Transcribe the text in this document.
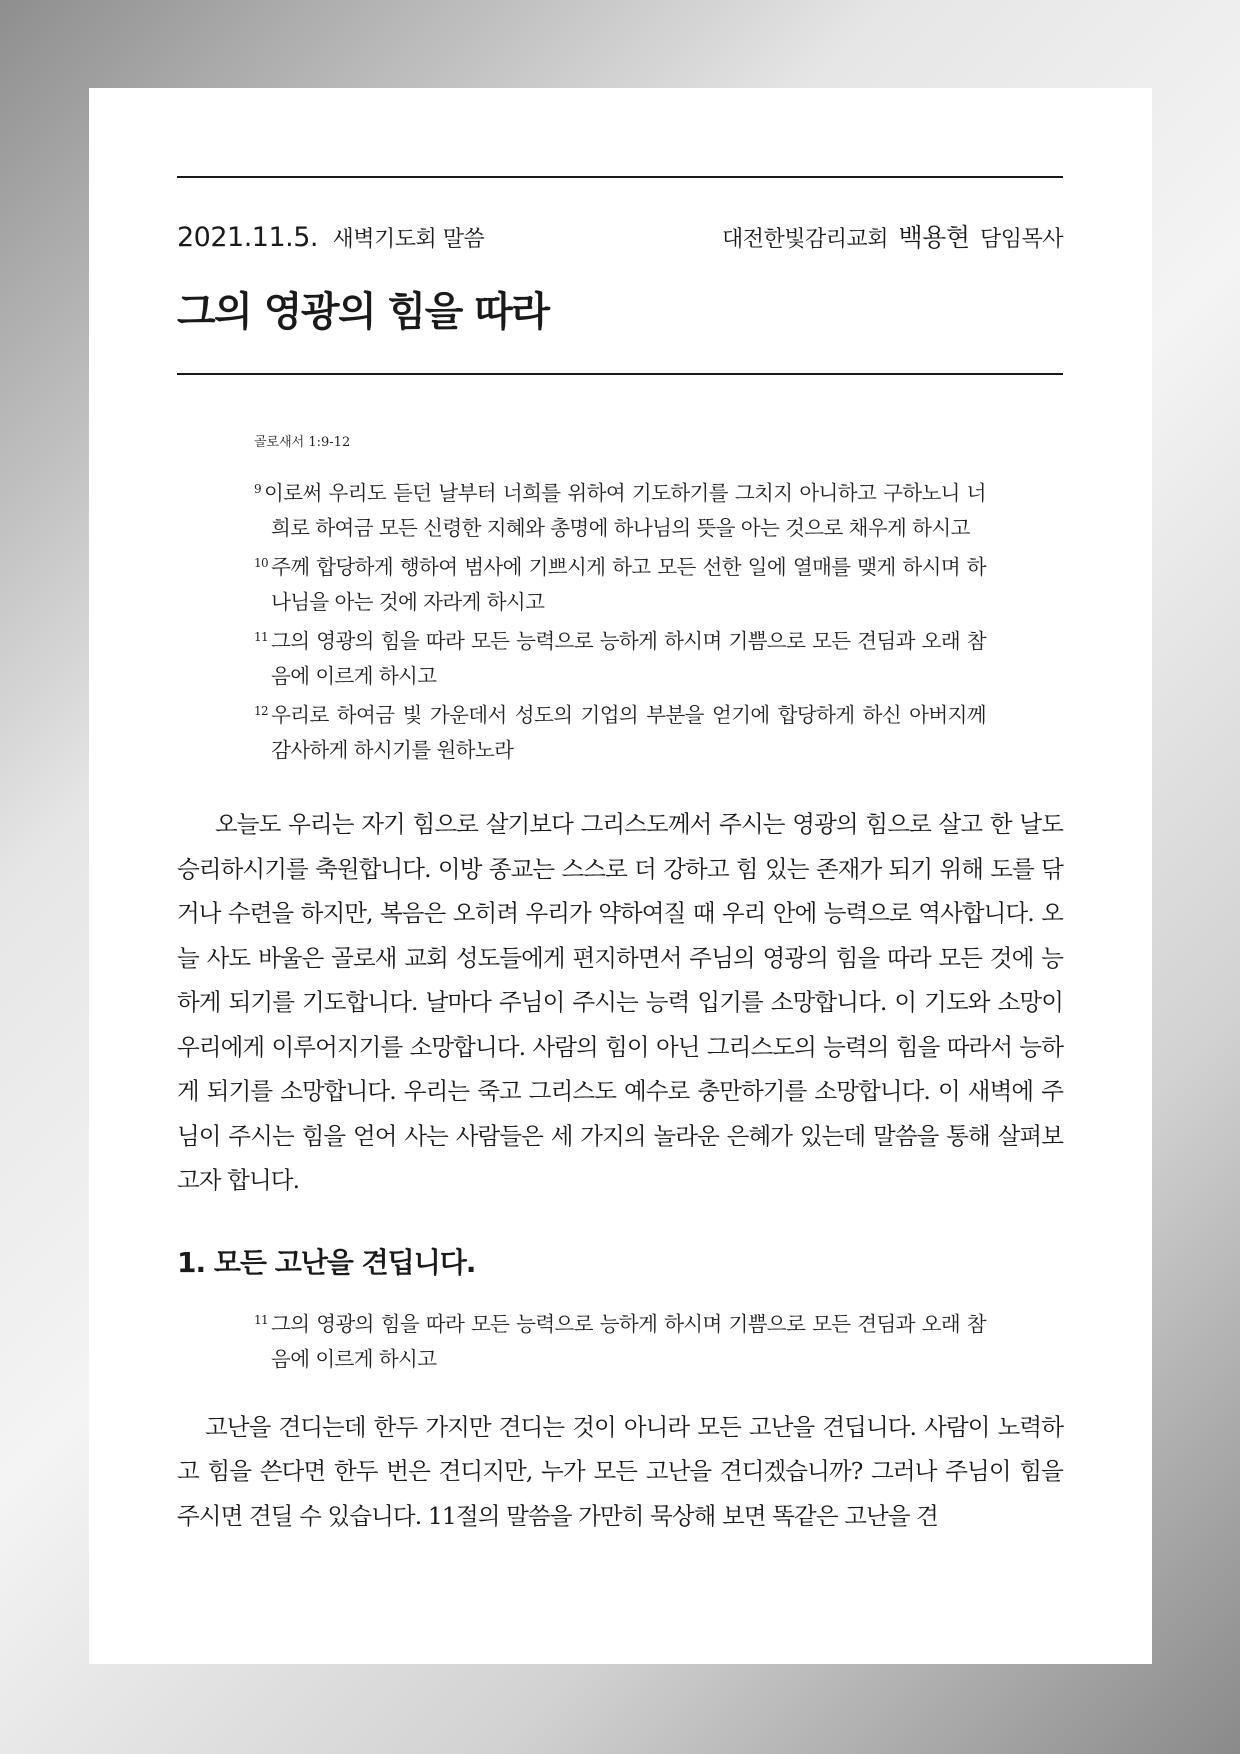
2021.11.5. 새벽기도회 말씀	대전한빛감리교회 백용현 담임목사
그의 영광의 힘을 따라
골로새서 1:9-12
$^9$ 이로써 우리도 듣던 날부터 너희를 위하여 기도하기를 그치지 아니하고 구하노니 너희로 하여금 모든 신령한 지혜와 총명에 하나님의 뜻을 아는 것으로 채우게 하시고
$^{10}$ 주께 합당하게 행하여 범사에 기쁘시게 하고 모든 선한 일에 열매를 맺게 하시며 하나님을 아는 것에 자라게 하시고
$^{11}$ 그의 영광의 힘을 따라 모든 능력으로 능하게 하시며 기쁨으로 모든 견딤과 오래 참음에 이르게 하시고
$^{12}$ 우리로 하여금 빛 가운데서 성도의 기업의 부분을 얻기에 합당하게 하신 아버지께 감사하게 하시기를 원하노라

오늘도 우리는 자기 힘으로 살기보다 그리스도께서 주시는 영광의 힘으로 살고 한 날도 승리하시기를 축원합니다. 이방 종교는 스스로 더 강하고 힘 있는 존재가 되기 위해 도를 닦거나 수련을 하지만, 복음은 오히려 우리가 약하여질 때 우리 안에 능력으로 역사합니다. 오늘 사도 바울은 골로새 교회 성도들에게 편지하면서 주님의 영광의 힘을 따라 모든 것에 능하게 되기를 기도합니다. 날마다 주님이 주시는 능력 입기를 소망합니다. 이 기도와 소망이 우리에게 이루어지기를 소망합니다. 사람의 힘이 아닌 그리스도의 능력의 힘을 따라서 능하게 되기를 소망합니다. 우리는 죽고 그리스도 예수로 충만하기를 소망합니다. 이 새벽에 주님이 주시는 힘을 얻어 사는 사람들은 세 가지의 놀라운 은혜가 있는데 말씀을 통해 살펴보고자 합니다.

1. 모든 고난을 견딥니다.
$^{11}$ 그의 영광의 힘을 따라 모든 능력으로 능하게 하시며 기쁨으로 모든 견딤과 오래 참음에 이르게 하시고

고난을 견디는데 한두 가지만 견디는 것이 아니라 모든 고난을 견딥니다. 사람이 노력하고 힘을 쓴다면 한두 번은 견디지만, 누가 모든 고난을 견디겠습니까? 그러나 주님이 힘을 주시면 견딜 수 있습니다. 11절의 말씀을 가만히 묵상해 보면 똑같은 고난을 견
